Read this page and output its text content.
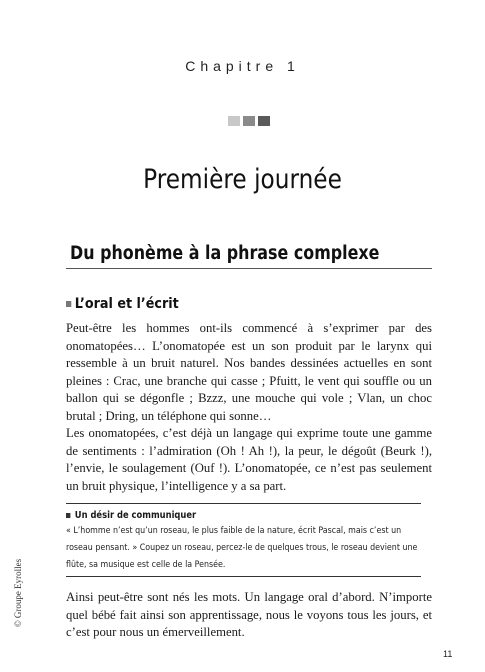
Chapitre 1
Première journée
Du phonème à la phrase complexe
L’oral et l’écrit

Peut-être les hommes ont-ils commencé à s’exprimer par des onomatopées… L’onomatopée est un son produit par le larynx qui ressemble à un bruit naturel. Nos bandes dessinées actuelles en sont pleines : Crac, une branche qui casse ; Pfuitt, le vent qui souffle ou un ballon qui se dégonfle ; Bzzz, une mouche qui vole ; Vlan, un choc brutal ; Dring, un téléphone qui sonne…

Les onomatopées, c’est déjà un langage qui exprime toute une gamme de sentiments : l’admiration (Oh ! Ah !), la peur, le dégoût (Beurk !), l’envie, le soulagement (Ouf !). L’onomatopée, ce n’est pas seulement un bruit physique, l’intelligence y a sa part.

Un désir de communiquer

« L’homme n’est qu’un roseau, le plus faible de la nature, écrit Pascal, mais c’est un roseau pensant. » Coupez un roseau, percez-le de quelques trous, le roseau devient une flûte, sa musique est celle de la Pensée.

Ainsi peut-être sont nés les mots. Un langage oral d’abord. N’importe quel bébé fait ainsi son apprentissage, nous le voyons tous les jours, et c’est pour nous un émerveillement.

© Groupe Eyrolles
11
